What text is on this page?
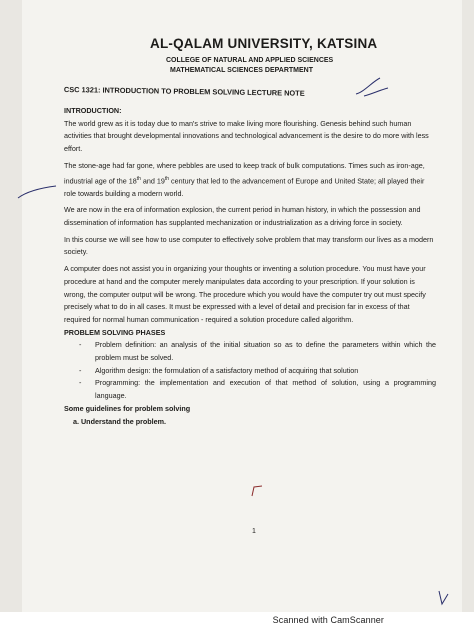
AL-QALAM UNIVERSITY, KATSINA
COLLEGE OF NATURAL AND APPLIED SCIENCES
MATHEMATICAL SCIENCES DEPARTMENT
CSC 1321: INTRODUCTION TO PROBLEM SOLVING LECTURE NOTE

INTRODUCTION:

The world grew as it is today due to man's strive to make living more flourishing. Genesis behind such human activities that brought developmental innovations and technological advancement is the desire to do more with less effort.

The stone-age had far gone, where pebbles are used to keep track of bulk computations. Times such as iron-age, industrial age of the 18th and 19th century that led to the advancement of Europe and United State; all played their role towards building a modern world.

We are now in the era of information explosion, the current period in human history, in which the possession and dissemination of information has supplanted mechanization or industrialization as a driving force in society.

In this course we will see how to use computer to effectively solve problem that may transform our lives as a modern society.

A computer does not assist you in organizing your thoughts or inventing a solution procedure. You must have your procedure at hand and the computer merely manipulates data according to your prescription. If your solution is wrong, the computer output will be wrong. The procedure which you would have the computer try out must specify precisely what to do in all cases. It must be expressed with a level of detail and precision far in excess of that required for normal human communication - required a solution procedure called algorithm.

PROBLEM SOLVING PHASES

- Problem definition: an analysis of the initial situation so as to define the parameters within which the problem must be solved.
- Algorithm design: the formulation of a satisfactory method of acquiring that solution
- Programming: the implementation and execution of that method of solution, using a programming language.

Some guidelines for problem solving

a. Understand the problem.

1
Scanned with CamScanner
